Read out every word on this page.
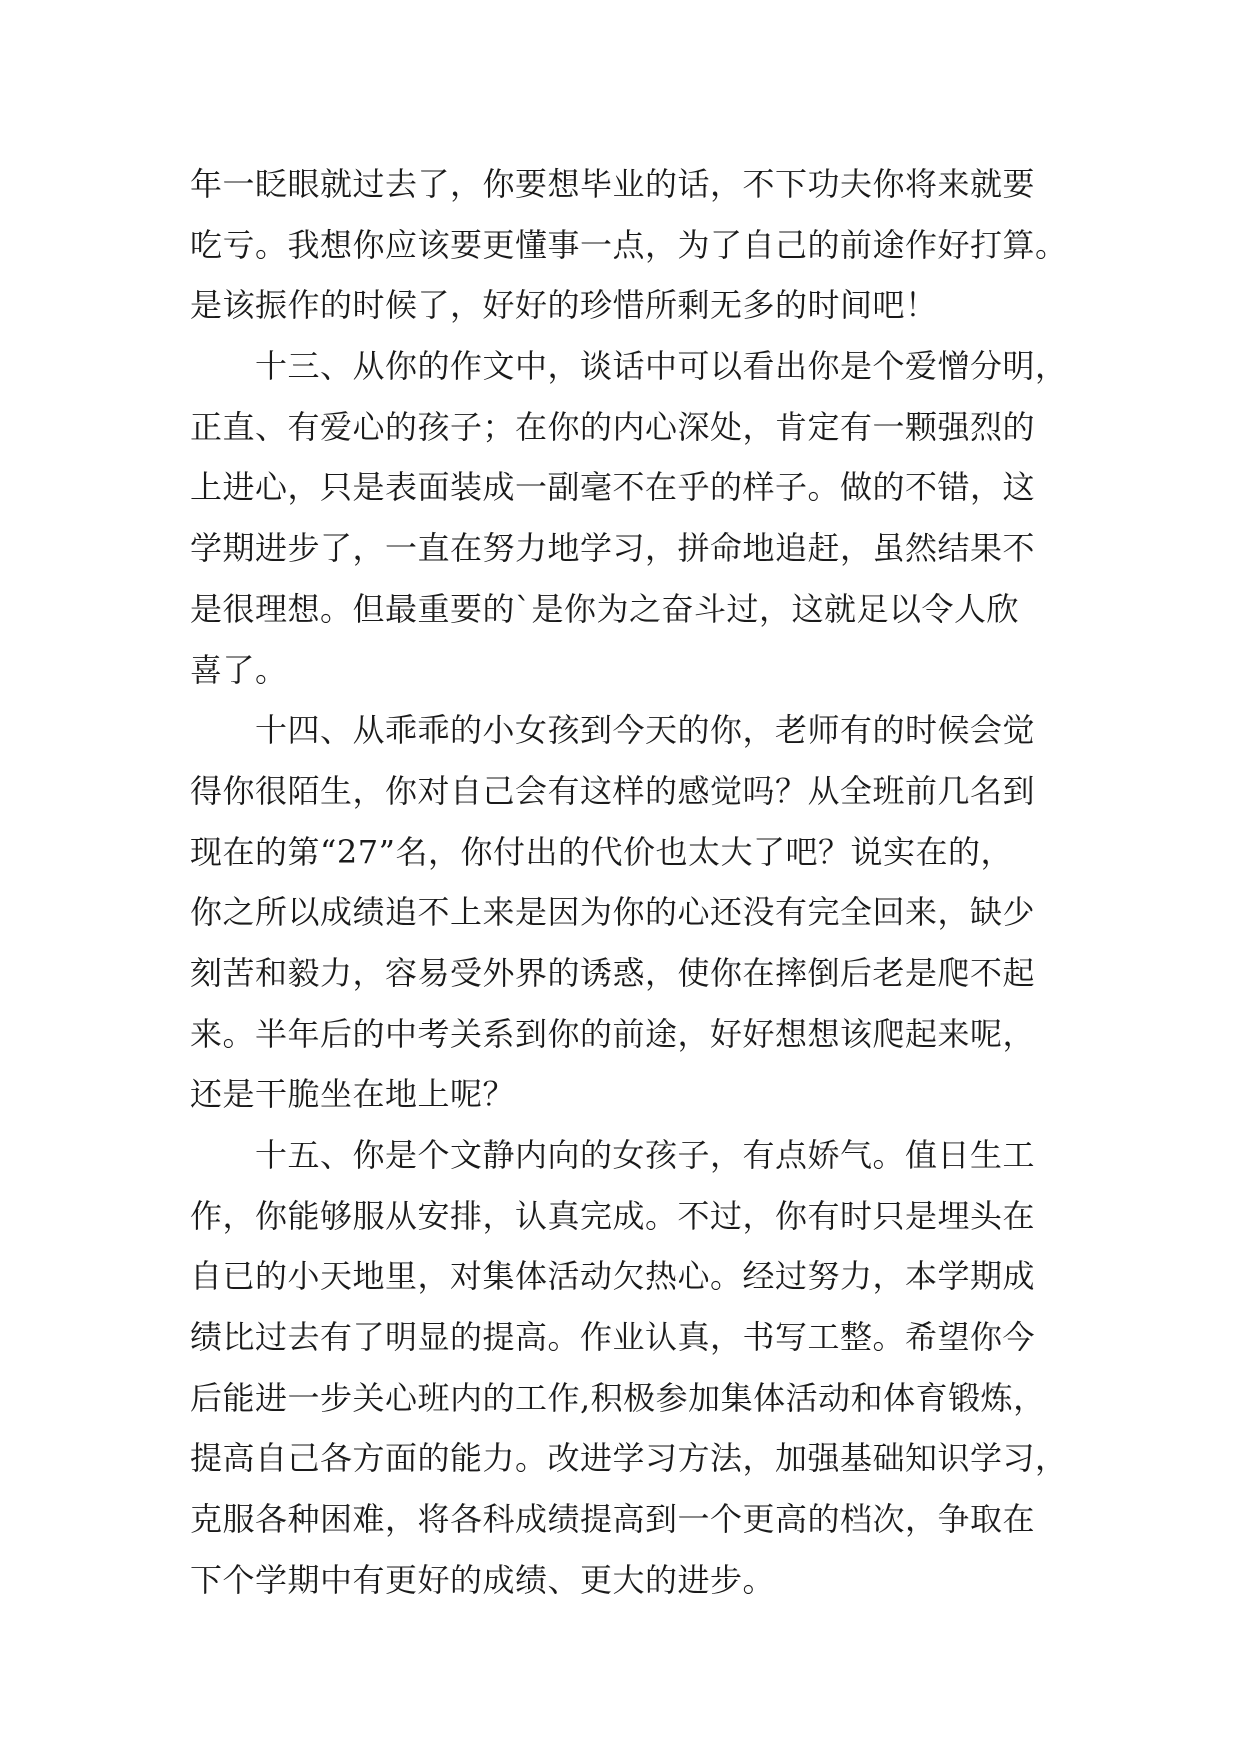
年一眨眼就过去了，你要想毕业的话，不下功夫你将来就要
吃亏。我想你应该要更懂事一点，为了自己的前途作好打算。
是该振作的时候了，好好的珍惜所剩无多的时间吧！
　　十三、从你的作文中，谈话中可以看出你是个爱憎分明，
正直、有爱心的孩子；在你的内心深处，肯定有一颗强烈的
上进心，只是表面装成一副毫不在乎的样子。做的不错，这
学期进步了，一直在努力地学习，拼命地追赶，虽然结果不
是很理想。但最重要的`是你为之奋斗过，这就足以令人欣
喜了。
　　十四、从乖乖的小女孩到今天的你，老师有的时候会觉
得你很陌生，你对自己会有这样的感觉吗？从全班前几名到
现在的第“27”名，你付出的代价也太大了吧？说实在的，
你之所以成绩追不上来是因为你的心还没有完全回来，缺少
刻苦和毅力，容易受外界的诱惑，使你在摔倒后老是爬不起
来。半年后的中考关系到你的前途，好好想想该爬起来呢，
还是干脆坐在地上呢？
　　十五、你是个文静内向的女孩子，有点娇气。值日生工
作，你能够服从安排，认真完成。不过，你有时只是埋头在
自已的小天地里，对集体活动欠热心。经过努力，本学期成
绩比过去有了明显的提高。作业认真，书写工整。希望你今
后能进一步关心班内的工作,积极参加集体活动和体育锻炼，
提高自己各方面的能力。改进学习方法，加强基础知识学习，
克服各种困难，将各科成绩提高到一个更高的档次，争取在
下个学期中有更好的成绩、更大的进步。
